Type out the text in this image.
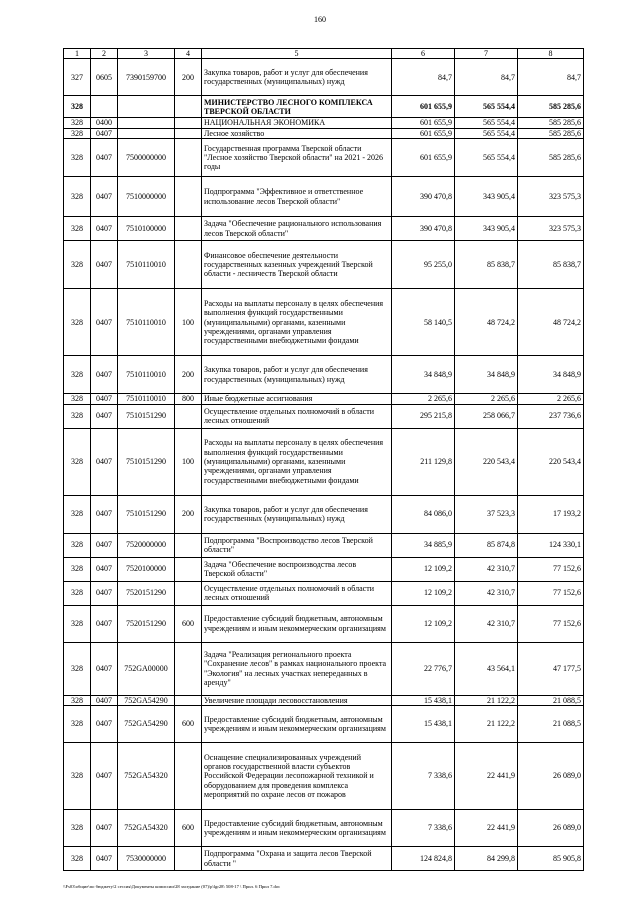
160
1	2	3	4	5	6	7	8
327	0605	7390159700	200	Закупка товаров, работ и услуг для обеспечения государственных (муниципальных) нужд	84,7	84,7	84,7
328				МИНИСТЕРСТВО ЛЕСНОГО КОМПЛЕКСА ТВЕРСКОЙ ОБЛАСТИ	601 655,9	565 554,4	585 285,6
328	0400			НАЦИОНАЛЬНАЯ ЭКОНОМИКА	601 655,9	565 554,4	585 285,6
328	0407			Лесное хозяйство	601 655,9	565 554,4	585 285,6
328	0407	7500000000		Государственная программа Тверской области "Лесное хозяйство Тверской области" на 2021 - 2026 годы	601 655,9	565 554,4	585 285,6
328	0407	7510000000		Подпрограмма "Эффективное и ответственное использование лесов Тверской области"	390 470,8	343 905,4	323 575,3
328	0407	7510100000		Задача "Обеспечение рационального использования лесов Тверской области"	390 470,8	343 905,4	323 575,3
328	0407	7510110010		Финансовое обеспечение деятельности государственных казенных учреждений Тверской области - лесничеств Тверской области	95 255,0	85 838,7	85 838,7
328	0407	7510110010	100	Расходы на выплаты персоналу в целях обеспечения выполнения функций государственными (муниципальными) органами, казенными учреждениями, органами управления государственными внебюджетными фондами	58 140,5	48 724,2	48 724,2
328	0407	7510110010	200	Закупка товаров, работ и услуг для обеспечения государственных (муниципальных) нужд	34 848,9	34 848,9	34 848,9
328	0407	7510110010	800	Иные бюджетные ассигнования	2 265,6	2 265,6	2 265,6
328	0407	7510151290		Осуществление отдельных полномочий в области лесных отношений	295 215,8	258 066,7	237 736,6
328	0407	7510151290	100	Расходы на выплаты персоналу в целях обеспечения выполнения функций государственными (муниципальными) органами, казенными учреждениями, органами управления государственными внебюджетными фондами	211 129,8	220 543,4	220 543,4
328	0407	7510151290	200	Закупка товаров, работ и услуг для обеспечения государственных (муниципальных) нужд	84 086,0	37 523,3	17 193,2
328	0407	7520000000		Подпрограмма "Воспроизводство лесов Тверской области"	34 885,9	85 874,8	124 330,1
328	0407	7520100000		Задача "Обеспечение воспроизводства лесов Тверской области"	12 109,2	42 310,7	77 152,6
328	0407	7520151290		Осуществление отдельных полномочий в области лесных отношений	12 109,2	42 310,7	77 152,6
328	0407	7520151290	600	Предоставление субсидий бюджетным, автономным учреждениям и иным некоммерческим организациям	12 109,2	42 310,7	77 152,6
328	0407	752GA00000		Задача "Реализация регионального проекта "Сохранение лесов" в рамках национального проекта "Экология" на лесных участках непереданных в аренду"	22 776,7	43 564,1	47 177,5
328	0407	752GA54290		Увеличение площади лесовосстановления	15 438,1	21 122,2	21 088,5
328	0407	752GA54290	600	Предоставление субсидий бюджетным, автономным учреждениям и иным некоммерческим организациям	15 438,1	21 122,2	21 088,5
328	0407	752GA54320		Оснащение специализированных учреждений органов государственной власти субъектов Российской Федерации лесопожарной техникой и оборудованием для проведения комплекса мероприятий по охране лесов от пожаров	7 338,6	22 441,9	26 089,0
328	0407	752GA54320	600	Предоставление субсидий бюджетным, автономным учреждениям и иным некоммерческим организациям	7 338,6	22 441,9	26 089,0
328	0407	7530000000		Подпрограмма "Охрана и защита лесов Тверской области "	124 824,8	84 299,8	85 905,8
\\Fs03\общие\по бюджету\2 сессия\Документы комиссии\28 заседание (07)\р\lgr28\ 508-17 \ Прил. 6 Прил 7.doc
